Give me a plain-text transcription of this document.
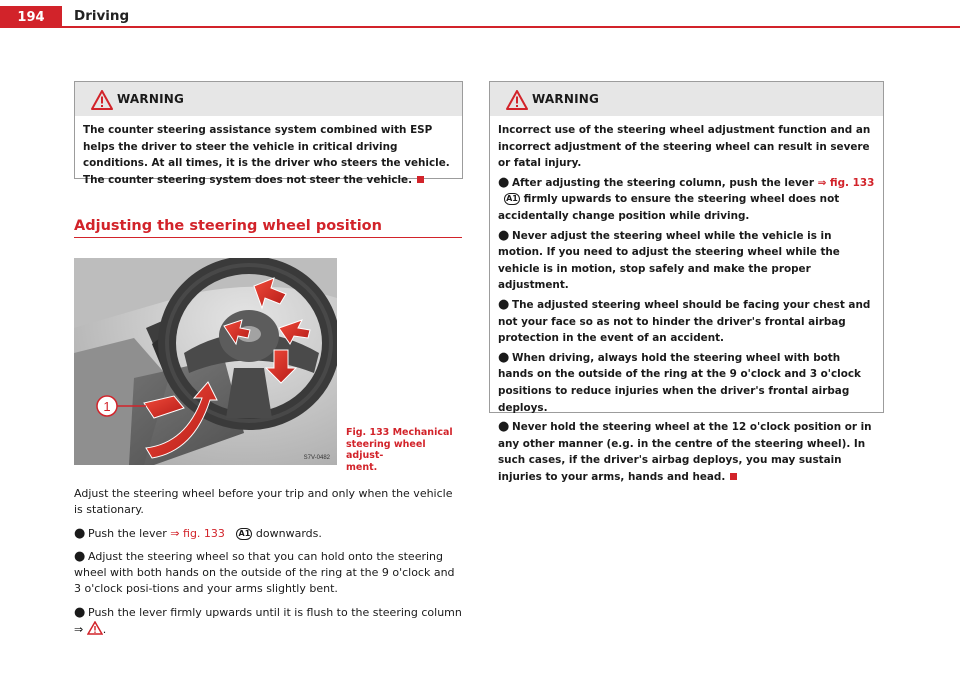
194	Driving
WARNING

The counter steering assistance system combined with ESP helps the driver to steer the vehicle in critical driving conditions. At all times, it is the driver who steers the vehicle. The counter steering system does not steer the vehicle.

Adjusting the steering wheel position
1
S7V-0482
Fig. 133 Mechanical
steering wheel adjust-
ment.

Adjust the steering wheel before your trip and only when the vehicle is stationary.

● Push the lever ⇒ fig. 133 A1 downwards.

● Adjust the steering wheel so that you can hold onto the steering wheel with both hands on the outside of the ring at the 9 o'clock and 3 o'clock posi-tions and your arms slightly bent.

● Push the lever firmly upwards until it is flush to the steering column
⇒ .

WARNING

Incorrect use of the steering wheel adjustment function and an incorrect adjustment of the steering wheel can result in severe or fatal injury.

● After adjusting the steering column, push the lever ⇒ fig. 133 A1 firmly upwards to ensure the steering wheel does not accidentally change position while driving.

● Never adjust the steering wheel while the vehicle is in motion. If you need to adjust the steering wheel while the vehicle is in motion, stop safely and make the proper adjustment.

● The adjusted steering wheel should be facing your chest and not your face so as not to hinder the driver's frontal airbag protection in the event of an accident.

● When driving, always hold the steering wheel with both hands on the outside of the ring at the 9 o'clock and 3 o'clock positions to reduce injuries when the driver's frontal airbag deploys.

● Never hold the steering wheel at the 12 o'clock position or in any other manner (e.g. in the centre of the steering wheel). In such cases, if the driver's airbag deploys, you may sustain injuries to your arms, hands and head.
